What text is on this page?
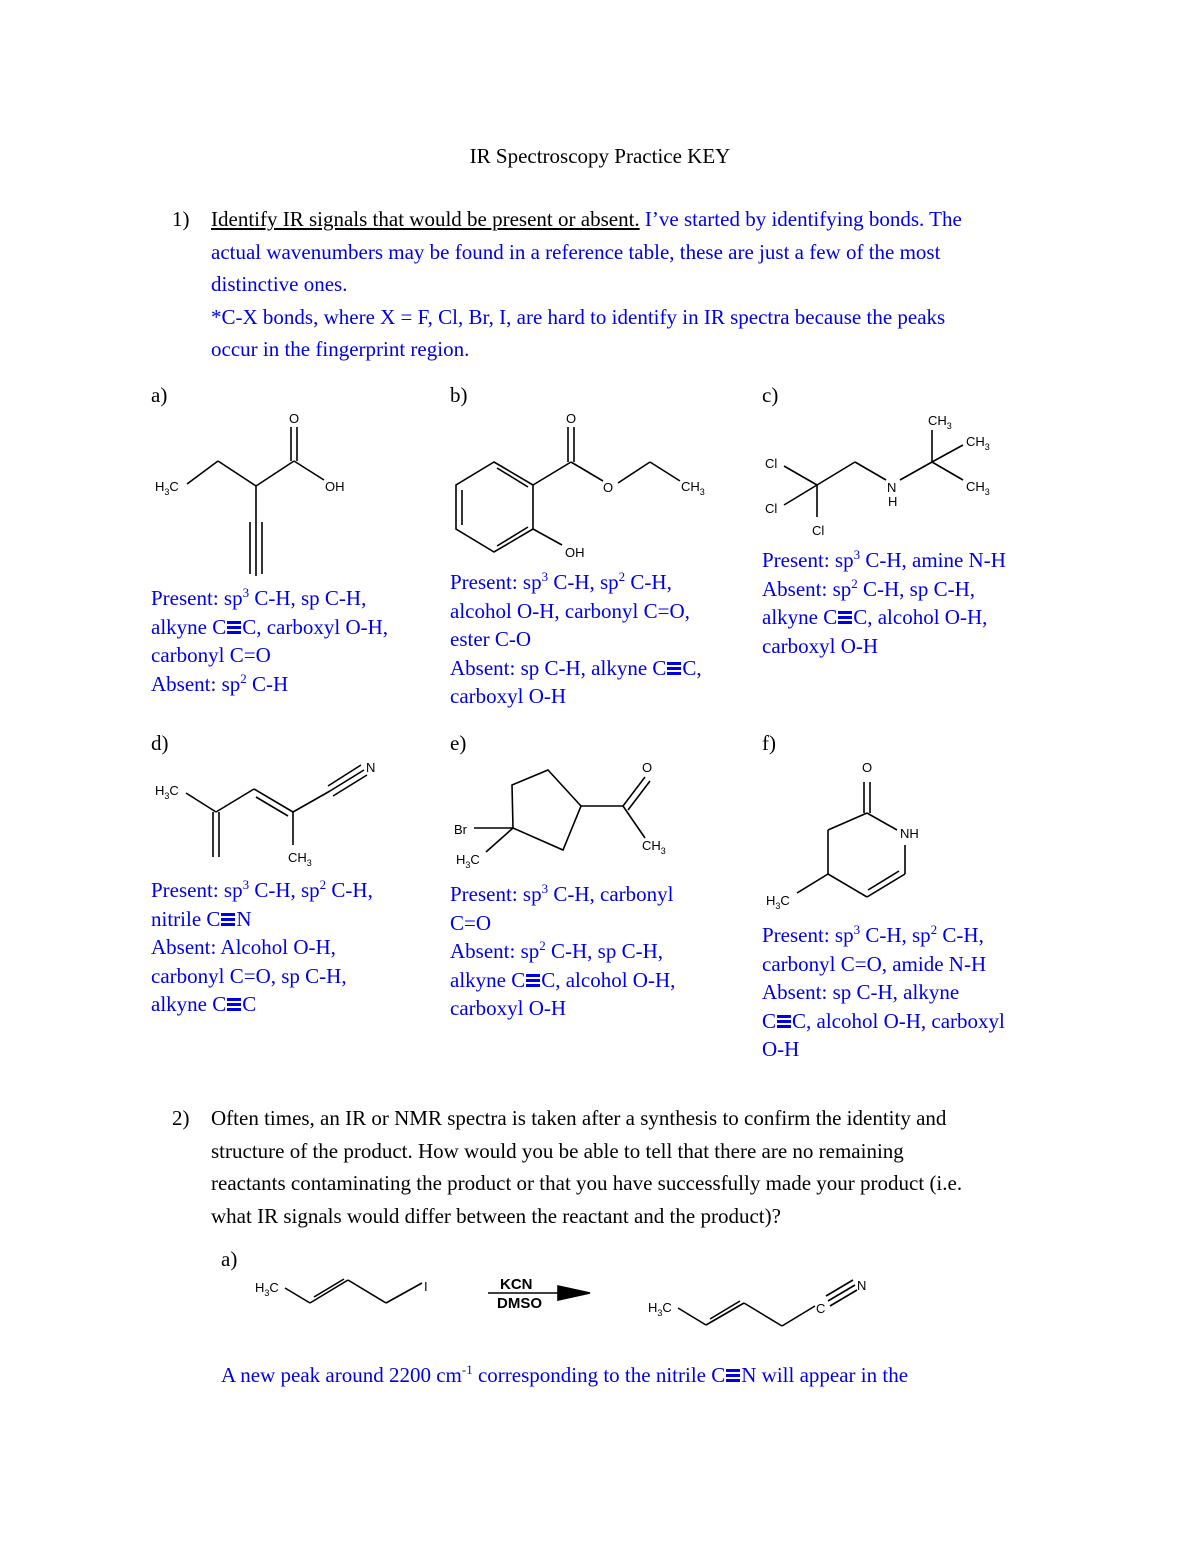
IR Spectroscopy Practice KEY
1) Identify IR signals that would be present or absent. I’ve started by identifying bonds. The
actual wavenumbers may be found in a reference table, these are just a few of the most
distinctive ones.
*C-X bonds, where X = F, Cl, Br, I, are hard to identify in IR spectra because the peaks
occur in the fingerprint region.
a)	b)	c)
d)	e)	f)
$H_3C$
O
OH
O
O	$CH_3$
OH
Cl
Cl
Cl
N
H
$CH_3$
$CH_3$
$CH_3$
$H_3C$
$CH_3$
N
Br
$H_3C$
O
$CH_3$
O
NH
$H_3C$
$H_3C$	I
$H_3C$	C
N
KCN
DMSO
Present: $sp^3$ C-H, sp C-H,
alkyne C C, carboxyl O-H,
carbonyl C=O
Absent: $sp^2$ C-H
Present: $sp^3$ C-H, $sp^2$ C-H,
alcohol O-H, carbonyl C=O,
ester C-O
Absent: sp C-H, alkyne C C,
carboxyl O-H
Present: $sp^3$ C-H, amine N-H
Absent: $sp^2$ C-H, sp C-H,
alkyne C C, alcohol O-H,
carboxyl O-H
Present: $sp^3$ C-H, $sp^2$ C-H,
nitrile C N
Absent: Alcohol O-H,
carbonyl C=O, sp C-H,
alkyne C C
Present: $sp^3$ C-H, carbonyl
C=O
Absent: $sp^2$ C-H, sp C-H,
alkyne C C, alcohol O-H,
carboxyl O-H
Present: $sp^3$ C-H, $sp^2$ C-H,
carbonyl C=O, amide N-H
Absent: sp C-H, alkyne
C C, alcohol O-H, carboxyl
O-H
2) Often times, an IR or NMR spectra is taken after a synthesis to confirm the identity and
structure of the product. How would you be able to tell that there are no remaining
reactants contaminating the product or that you have successfully made your product (i.e.
what IR signals would differ between the reactant and the product)?
a)
A new peak around 2200 $cm^{-1}$ corresponding to the nitrile C N will appear in the
